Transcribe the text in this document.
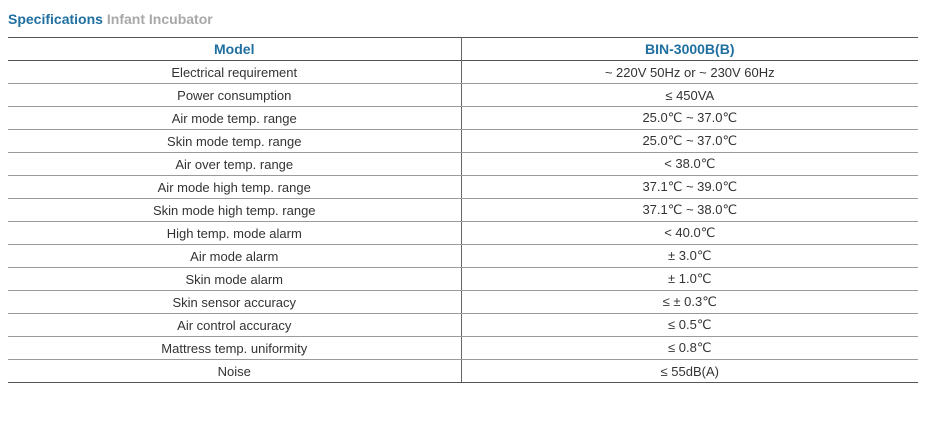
Specifications Infant Incubator
Model	BIN-3000B(B)
Electrical requirement	~ 220V 50Hz or ~ 230V 60Hz
Power consumption	≤ 450VA
Air mode temp. range	25.0℃ ~ 37.0℃
Skin mode temp. range	25.0℃ ~ 37.0℃
Air over temp. range	< 38.0℃
Air mode high temp. range	37.1℃ ~ 39.0℃
Skin mode high temp. range	37.1℃ ~ 38.0℃
High temp. mode alarm	< 40.0℃
Air mode alarm	± 3.0℃
Skin mode alarm	± 1.0℃
Skin sensor accuracy	≤ ± 0.3℃
Air control accuracy	≤ 0.5℃
Mattress temp. uniformity	≤ 0.8℃
Noise	≤ 55dB(A)
